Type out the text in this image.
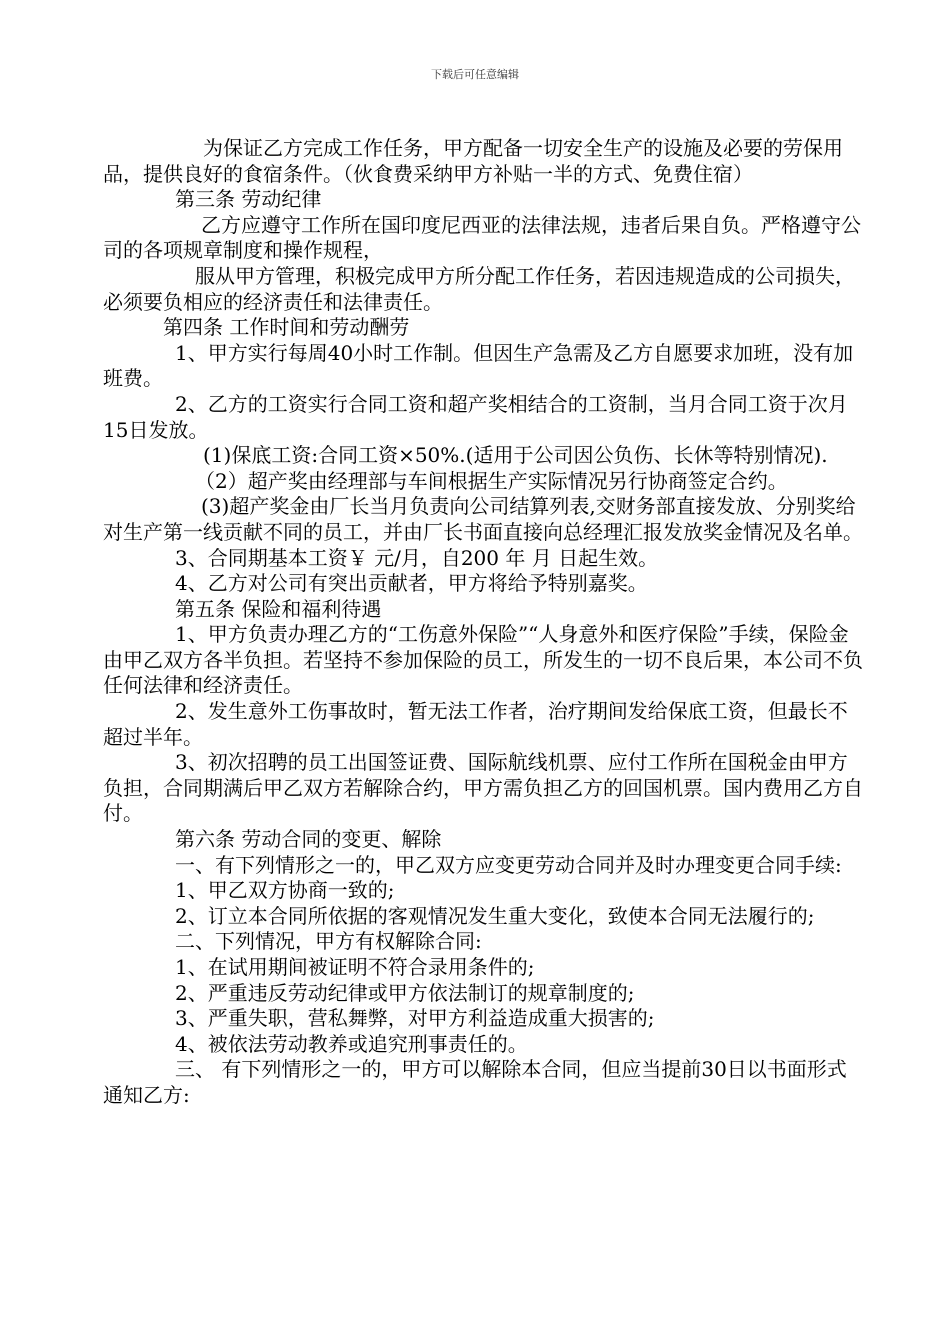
下载后可任意编辑

为保证乙方完成工作任务，甲方配备一切安全生产的设施及必要的劳保用品，提供良好的食宿条件。（伙食费采纳甲方补贴一半的方式、免费住宿）

第三条 劳动纪律

乙方应遵守工作所在国印度尼西亚的法律法规，违者后果自负。严格遵守公司的各项规章制度和操作规程，

服从甲方管理，积极完成甲方所分配工作任务，若因违规造成的公司损失，必须要负相应的经济责任和法律责任。

第四条 工作时间和劳动酬劳

1、甲方实行每周40小时工作制。但因生产急需及乙方自愿要求加班，没有加班费。

2、乙方的工资实行合同工资和超产奖相结合的工资制，当月合同工资于次月15日发放。

(1)保底工资:合同工资×50%.(适用于公司因公负伤、长休等特别情况).

（2）超产奖由经理部与车间根据生产实际情况另行协商签定合约。

(3)超产奖金由厂长当月负责向公司结算列表,交财务部直接发放、分别奖给对生产第一线贡献不同的员工，并由厂长书面直接向总经理汇报发放奖金情况及名单。

3、合同期基本工资￥ 元/月，自200 年 月 日起生效。

4、乙方对公司有突出贡献者，甲方将给予特别嘉奖。

第五条 保险和福利待遇

1、甲方负责办理乙方的“工伤意外保险”“人身意外和医疗保险”手续，保险金由甲乙双方各半负担。若坚持不参加保险的员工，所发生的一切不良后果，本公司不负任何法律和经济责任。

2、发生意外工伤事故时，暂无法工作者，治疗期间发给保底工资，但最长不超过半年。

3、初次招聘的员工出国签证费、国际航线机票、应付工作所在国税金由甲方负担，合同期满后甲乙双方若解除合约，甲方需负担乙方的回国机票。国内费用乙方自付。

第六条 劳动合同的变更、解除

一、有下列情形之一的，甲乙双方应变更劳动合同并及时办理变更合同手续:

1、甲乙双方协商一致的;

2、订立本合同所依据的客观情况发生重大变化，致使本合同无法履行的;

二、下列情况，甲方有权解除合同:

1、在试用期间被证明不符合录用条件的;

2、严重违反劳动纪律或甲方依法制订的规章制度的;

3、严重失职，营私舞弊，对甲方利益造成重大损害的;

4、被依法劳动教养或追究刑事责任的。

三、 有下列情形之一的，甲方可以解除本合同，但应当提前30日以书面形式通知乙方:
